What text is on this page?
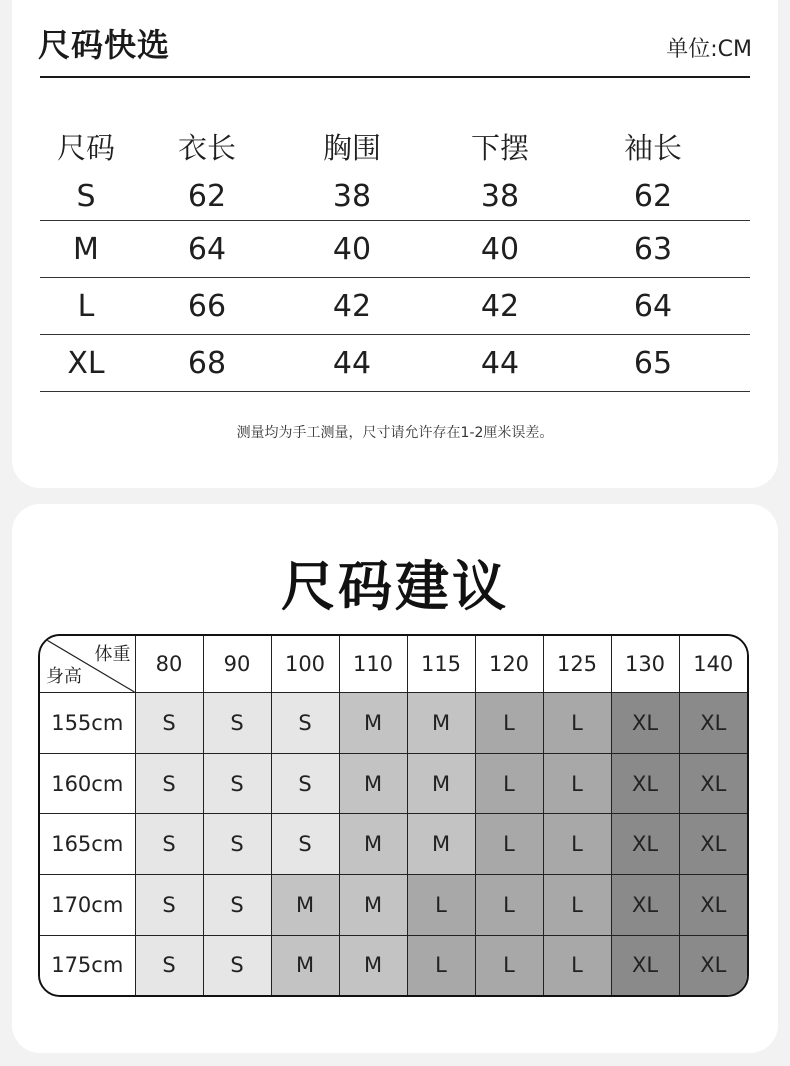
尺码快选	单位:CM
尺码	衣长	胸围	下摆	袖长
S	62	38	38	62
M	64	40	40	63
L	66	42	42	64
XL	68	44	44	65
测量均为手工测量，尺寸请允许存在1-2厘米误差。
尺码建议
体重
身高	80	90	100	110	115	120	125	130	140
155cm	S	S	S	M	M	L	L	XL	XL
160cm	S	S	S	M	M	L	L	XL	XL
165cm	S	S	S	M	M	L	L	XL	XL
170cm	S	S	M	M	L	L	L	XL	XL
175cm	S	S	M	M	L	L	L	XL	XL
